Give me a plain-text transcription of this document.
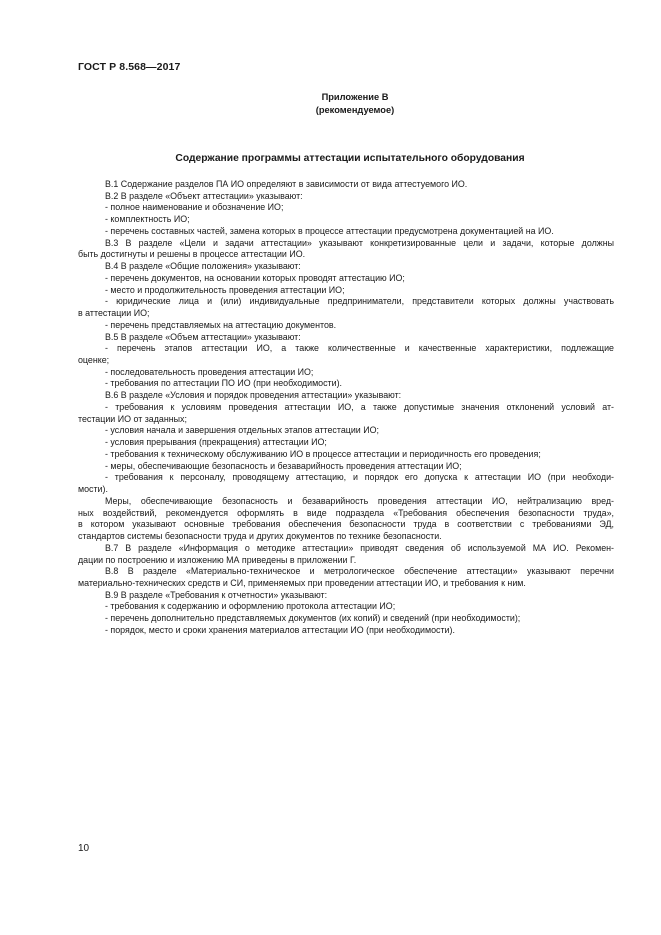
ГОСТ Р 8.568—2017
Приложение В
(рекомендуемое)
Содержание программы аттестации испытательного оборудования
В.1 Содержание разделов ПА ИО определяют в зависимости от вида аттестуемого ИО.
В.2 В разделе «Объект аттестации» указывают:
- полное наименование и обозначение ИО;
- комплектность ИО;
- перечень составных частей, замена которых в процессе аттестации предусмотрена документацией на ИО.
В.3 В разделе «Цели и задачи аттестации» указывают конкретизированные цели и задачи, которые должны
быть достигнуты и решены в процессе аттестации ИО.
В.4 В разделе «Общие положения» указывают:
- перечень документов, на основании которых проводят аттестацию ИО;
- место и продолжительность проведения аттестации ИО;
- юридические лица и (или) индивидуальные предприниматели, представители которых должны участвовать
в аттестации ИО;
- перечень представляемых на аттестацию документов.
В.5 В разделе «Объем аттестации» указывают:
- перечень этапов аттестации ИО, а также количественные и качественные характеристики, подлежащие
оценке;
- последовательность проведения аттестации ИО;
- требования по аттестации ПО ИО (при необходимости).
В.6 В разделе «Условия и порядок проведения аттестации» указывают:
- требования к условиям проведения аттестации ИО, а также допустимые значения отклонений условий ат-
тестации ИО от заданных;
- условия начала и завершения отдельных этапов аттестации ИО;
- условия прерывания (прекращения) аттестации ИО;
- требования к техническому обслуживанию ИО в процессе аттестации и периодичность его проведения;
- меры, обеспечивающие безопасность и безаварийность проведения аттестации ИО;
- требования к персоналу, проводящему аттестацию, и порядок его допуска к аттестации ИО (при необходи-
мости).
Меры, обеспечивающие безопасность и безаварийность проведения аттестации ИО, нейтрализацию вред-
ных воздействий, рекомендуется оформлять в виде подраздела «Требования обеспечения безопасности труда»,
в котором указывают основные требования обеспечения безопасности труда в соответствии с требованиями ЭД,
стандартов системы безопасности труда и других документов по технике безопасности.
В.7 В разделе «Информация о методике аттестации» приводят сведения об используемой МА ИО. Рекомен-
дации по построению и изложению МА приведены в приложении Г.
В.8 В разделе «Материально-техническое и метрологическое обеспечение аттестации» указывают перечни
материально-технических средств и СИ, применяемых при проведении аттестации ИО, и требования к ним.
В.9 В разделе «Требования к отчетности» указывают:
- требования к содержанию и оформлению протокола аттестации ИО;
- перечень дополнительно представляемых документов (их копий) и сведений (при необходимости);
- порядок, место и сроки хранения материалов аттестации ИО (при необходимости).
10
